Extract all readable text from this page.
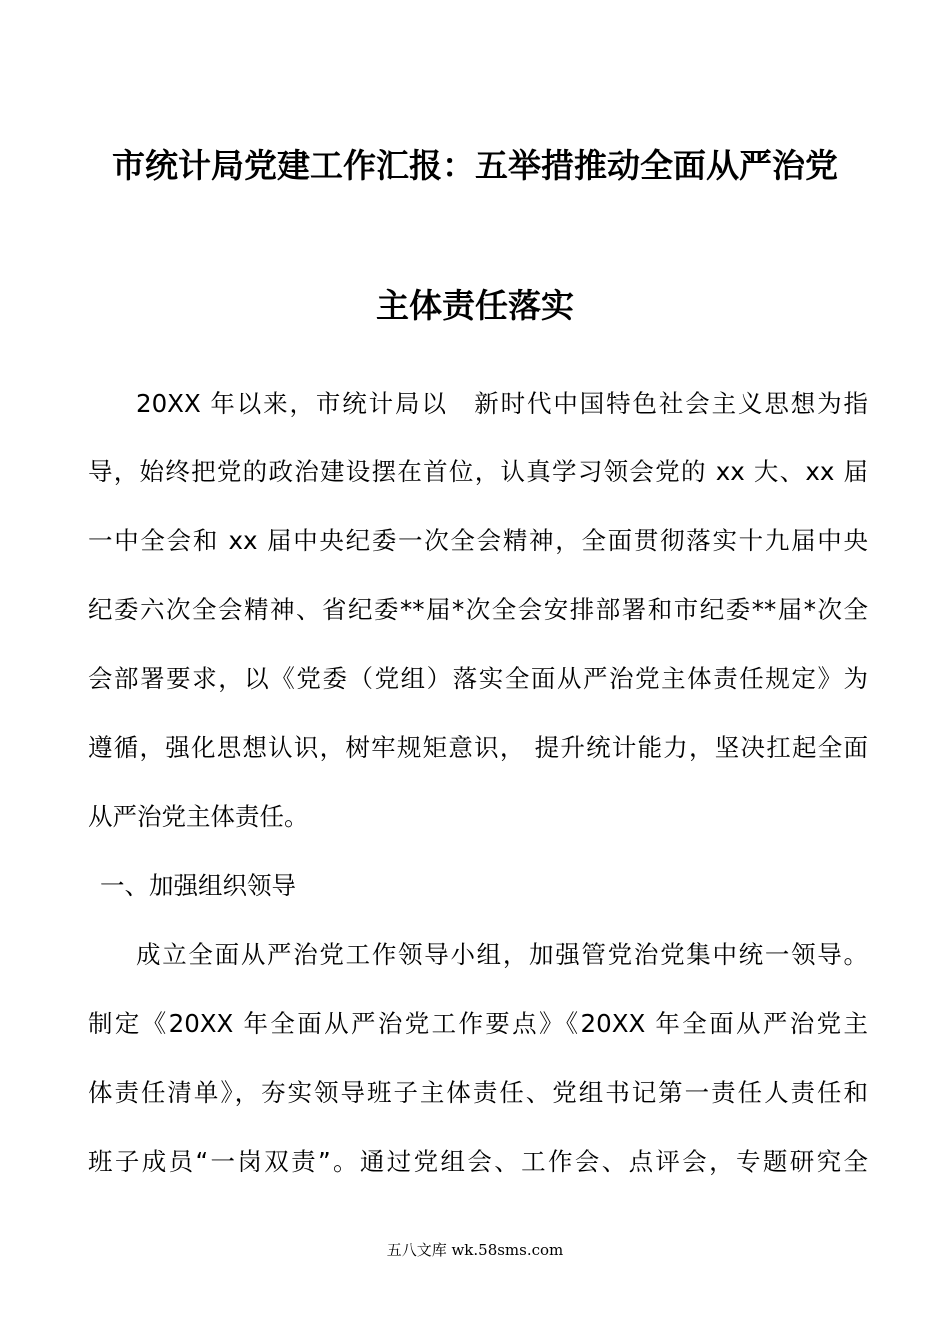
市统计局党建工作汇报：五举措推动全面从严治党
主体责任落实
20XX 年以来，市统计局以　新时代中国特色社会主义思想为指
导，始终把党的政治建设摆在首位，认真学习领会党的 xx 大、xx 届
一中全会和 xx 届中央纪委一次全会精神，全面贯彻落实十九届中央
纪委六次全会精神、省纪委**届*次全会安排部署和市纪委**届*次全
会部署要求，以《党委（党组）落实全面从严治党主体责任规定》为
遵循，强化思想认识，树牢规矩意识， 提升统计能力，坚决扛起全面
从严治党主体责任。
一、加强组织领导
成立全面从严治党工作领导小组，加强管党治党集中统一领导。
制定《20XX 年全面从严治党工作要点》《20XX 年全面从严治党主
体责任清单》，夯实领导班子主体责任、党组书记第一责任人责任和
班子成员“一岗双责”。通过党组会、工作会、点评会，专题研究全
五八文库 wk.58sms.com
